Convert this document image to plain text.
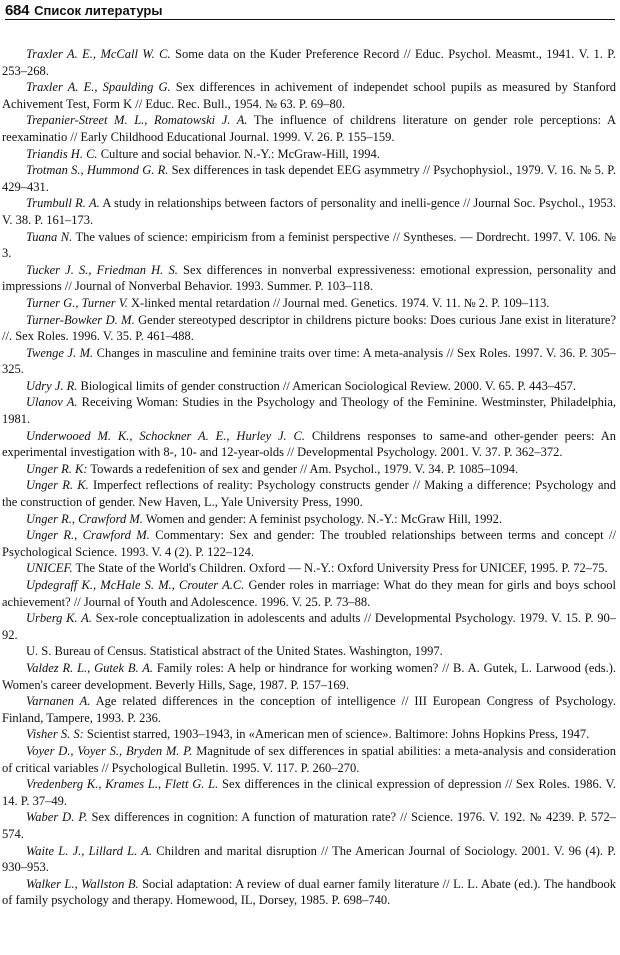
684 Список литературы

Traxler A. E., McCall W. C. Some data on the Kuder Preference Record // Educ. Psychol. Measmt., 1941. V. 1. P. 253–268.

Traxler A. E., Spaulding G. Sex differences in achivement of independet school pupils as measured by Stanford Achivement Test, Form K // Educ. Rec. Bull., 1954. № 63. P. 69–80.

Trepanier-Street M. L., Romatowski J. A. The influence of childrens literature on gender role perceptions: A reexaminatio // Early Childhood Educational Journal. 1999. V. 26. P. 155–159.

Triandis H. C. Culture and social behavior. N.-Y.: McGraw-Hill, 1994.

Trotman S., Hummond G. R. Sex differences in task dependet EEG asymmetry // Psychophysiol., 1979. V. 16. № 5. P. 429–431.

Trumbull R. A. A study in relationships between factors of personality and inelli-gence // Journal Soc. Psychol., 1953. V. 38. P. 161–173.

Tuana N. The values of science: empiricism from a feminist perspective // Syntheses. — Dordrecht. 1997. V. 106. № 3.

Tucker J. S., Friedman H. S. Sex differences in nonverbal expressiveness: emotional expression, personality and impressions // Journal of Nonverbal Behavior. 1993. Summer. P. 103–118.

Turner G., Turner V. X-linked mental retardation // Journal med. Genetics. 1974. V. 11. № 2. P. 109–113.

Turner-Bowker D. M. Gender stereotyped descriptor in childrens picture books: Does curious Jane exist in literature? //. Sex Roles. 1996. V. 35. P. 461–488.

Twenge J. M. Changes in masculine and feminine traits over time: A meta-analysis // Sex Roles. 1997. V. 36. P. 305–325.

Udry J. R. Biological limits of gender construction // American Sociological Review. 2000. V. 65. P. 443–457.

Ulanov A. Receiving Woman: Studies in the Psychology and Theology of the Feminine. Westminster, Philadelphia, 1981.

Underwooed M. K., Schockner A. E., Hurley J. C. Childrens responses to same-and other-gender peers: An experimental investigation with 8-, 10- and 12-year-olds // Developmental Psychology. 2001. V. 37. P. 362–372.

Unger R. K: Towards a redefenition of sex and gender // Am. Psychol., 1979. V. 34. P. 1085–1094.

Unger R. K. Imperfect reflections of reality: Psychology constructs gender // Making a difference: Psychology and the construction of gender. New Haven, L., Yale University Press, 1990.

Unger R., Crawford M. Women and gender: A feminist psychology. N.-Y.: McGraw Hill, 1992.

Unger R., Crawford M. Commentary: Sex and gender: The troubled relationships between terms and concept // Psychological Science. 1993. V. 4 (2). P. 122–124.

UNICEF. The State of the World's Children. Oxford — N.-Y.: Oxford University Press for UNICEF, 1995. P. 72–75.

Updegraff K., McHale S. M., Crouter A.C. Gender roles in marriage: What do they mean for girls and boys school achievement? // Journal of Youth and Adolescence. 1996. V. 25. P. 73–88.

Urberg K. A. Sex-role conceptualization in adolescents and adults // Developmental Psychology. 1979. V. 15. P. 90–92.

U. S. Bureau of Census. Statistical abstract of the United States. Washington, 1997.

Valdez R. L., Gutek B. A. Family roles: A help or hindrance for working women? // B. A. Gutek, L. Larwood (eds.). Women's career development. Beverly Hills, Sage, 1987. P. 157–169.

Varnanen A. Age related differences in the conception of intelligence // III European Congress of Psychology. Finland, Tampere, 1993. P. 236.

Visher S. S: Scientist starred, 1903–1943, in «American men of science». Baltimore: Johns Hopkins Press, 1947.

Voyer D., Voyer S., Bryden M. P. Magnitude of sex differences in spatial abilities: a meta-analysis and consideration of critical variables // Psychological Bulletin. 1995. V. 117. P. 260–270.

Vredenberg K., Krames L., Flett G. L. Sex differences in the clinical expression of depression // Sex Roles. 1986. V. 14. P. 37–49.

Waber D. P. Sex differences in cognition: A function of maturation rate? // Science. 1976. V. 192. № 4239. P. 572–574.

Waite L. J., Lillard L. A. Children and marital disruption // The American Journal of Sociology. 2001. V. 96 (4). P. 930–953.

Walker L., Wallston B. Social adaptation: A review of dual earner family literature // L. L. Abate (ed.). The handbook of family psychology and therapy. Homewood, IL, Dorsey, 1985. P. 698–740.
